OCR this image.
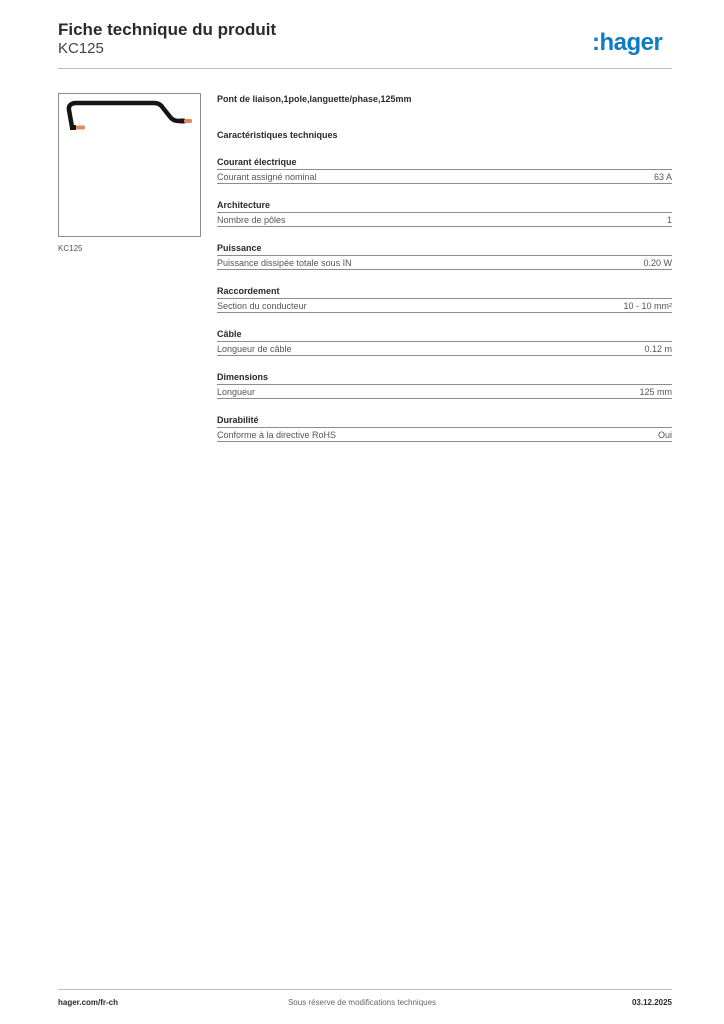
Fiche technique du produit
KC125	:hager
KC125
Pont de liaison,1pole,languette/phase,125mm
Caractéristiques techniques
Courant électrique
Courant assigné nominal	63 A
Architecture
Nombre de pôles	1
Puissance
Puissance dissipée totale sous IN	0.20 W
Raccordement
Section du conducteur	10 - 10 mm²
Câble
Longueur de câble	0.12 m
Dimensions
Longueur	125 mm
Durabilité
Conforme à la directive RoHS	Oui
hager.com/fr-ch	Sous réserve de modifications techniques	03.12.2025
